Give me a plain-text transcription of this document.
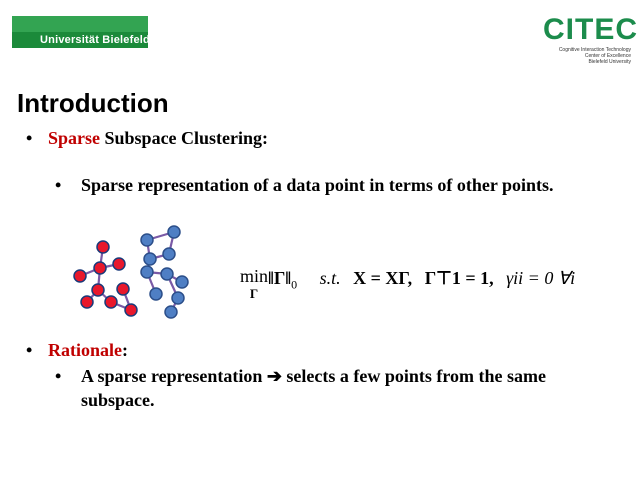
Universität Bielefeld	CITEC
Cognitive Interaction Technology
Center of Excellence
Bielefeld University
Introduction
• Sparse Subspace Clustering:
• Sparse representation of a data point in terms of other points.
min
$\Gamma‖\Gamma‖_0$ s.t. X = XΓ, Γ⊤1 = 1, γii = 0 ∀i
• Rationale:
• A sparse representation ➔ selects a few points from the same subspace.
